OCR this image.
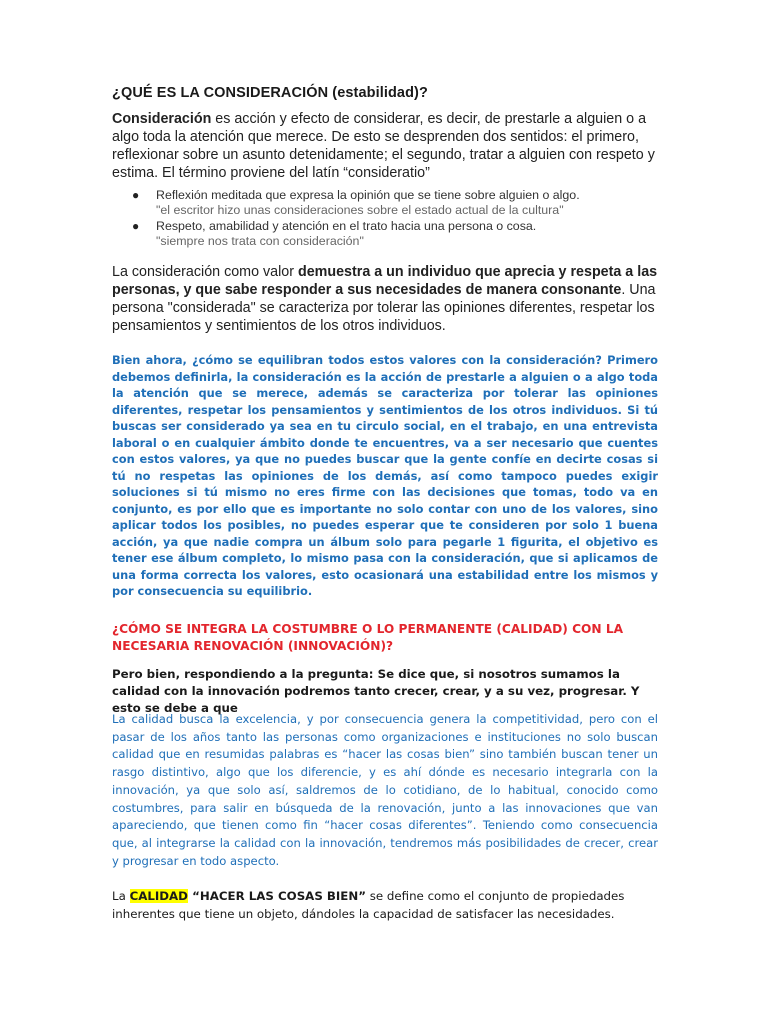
¿QUÉ ES LA CONSIDERACIÓN (estabilidad)?
Consideración es acción y efecto de considerar, es decir, de prestarle a alguien o a algo toda la atención que merece. De esto se desprenden dos sentidos: el primero, reflexionar sobre un asunto detenidamente; el segundo, tratar a alguien con respeto y estima. El término proviene del latín “consideratio”
● Reflexión meditada que expresa la opinión que se tiene sobre alguien o algo.
"el escritor hizo unas consideraciones sobre el estado actual de la cultura"
● Respeto, amabilidad y atención en el trato hacia una persona o cosa.
"siempre nos trata con consideración"
La consideración como valor demuestra a un individuo que aprecia y respeta a las personas, y que sabe responder a sus necesidades de manera consonante. Una persona "considerada" se caracteriza por tolerar las opiniones diferentes, respetar los pensamientos y sentimientos de los otros individuos.
Bien ahora, ¿cómo se equilibran todos estos valores con la consideración? Primero debemos definirla, la consideración es la acción de prestarle a alguien o a algo toda la atención que se merece, además se caracteriza por tolerar las opiniones diferentes, respetar los pensamientos y sentimientos de los otros individuos. Si tú buscas ser considerado ya sea en tu circulo social, en el trabajo, en una entrevista laboral o en cualquier ámbito donde te encuentres, va a ser necesario que cuentes con estos valores, ya que no puedes buscar que la gente confíe en decirte cosas si tú no respetas las opiniones de los demás, así como tampoco puedes exigir soluciones si tú mismo no eres firme con las decisiones que tomas, todo va en conjunto, es por ello que es importante no solo contar con uno de los valores, sino aplicar todos los posibles, no puedes esperar que te consideren por solo 1 buena acción, ya que nadie compra un álbum solo para pegarle 1 figurita, el objetivo es tener ese álbum completo, lo mismo pasa con la consideración, que si aplicamos de una forma correcta los valores, esto ocasionará una estabilidad entre los mismos y por consecuencia su equilibrio.
¿CÓMO SE INTEGRA LA COSTUMBRE O LO PERMANENTE (CALIDAD) CON LA NECESARIA RENOVACIÓN (INNOVACIÓN)?
Pero bien, respondiendo a la pregunta: Se dice que, si nosotros sumamos la calidad con la innovación podremos tanto crecer, crear, y a su vez, progresar. Y esto se debe a que
La calidad busca la excelencia, y por consecuencia genera la competitividad, pero con el pasar de los años tanto las personas como organizaciones e instituciones no solo buscan calidad que en resumidas palabras es “hacer las cosas bien” sino también buscan tener un rasgo distintivo, algo que los diferencie, y es ahí dónde es necesario integrarla con la innovación, ya que solo así, saldremos de lo cotidiano, de lo habitual, conocido como costumbres, para salir en búsqueda de la renovación, junto a las innovaciones que van apareciendo, que tienen como fin “hacer cosas diferentes”. Teniendo como consecuencia que, al integrarse la calidad con la innovación, tendremos más posibilidades de crecer, crear y progresar en todo aspecto.
La CALIDAD “HACER LAS COSAS BIEN” se define como el conjunto de propiedades inherentes que tiene un objeto, dándoles la capacidad de satisfacer las necesidades.
